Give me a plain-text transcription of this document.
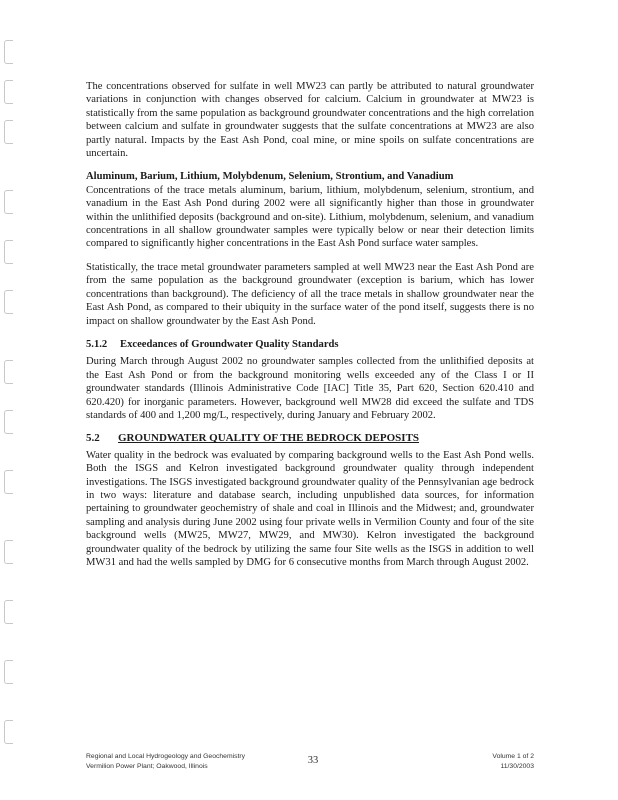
The concentrations observed for sulfate in well MW23 can partly be attributed to natural groundwater variations in conjunction with changes observed for calcium. Calcium in groundwater at MW23 is statistically from the same population as background groundwater concentrations and the high correlation between calcium and sulfate in groundwater suggests that the sulfate concentrations at MW23 are also partly natural. Impacts by the East Ash Pond, coal mine, or mine spoils on sulfate concentrations are uncertain.

Aluminum, Barium, Lithium, Molybdenum, Selenium, Strontium, and Vanadium

Concentrations of the trace metals aluminum, barium, lithium, molybdenum, selenium, strontium, and vanadium in the East Ash Pond during 2002 were all significantly higher than those in groundwater within the unlithified deposits (background and on-site). Lithium, molybdenum, selenium, and vanadium concentrations in all shallow groundwater samples were typically below or near their detection limits compared to significantly higher concentrations in the East Ash Pond surface water samples.

Statistically, the trace metal groundwater parameters sampled at well MW23 near the East Ash Pond are from the same population as the background groundwater (exception is barium, which has lower concentrations than background). The deficiency of all the trace metals in shallow groundwater near the East Ash Pond, as compared to their ubiquity in the surface water of the pond itself, suggests there is no impact on shallow groundwater by the East Ash Pond.

5.1.2 Exceedances of Groundwater Quality Standards

During March through August 2002 no groundwater samples collected from the unlithified deposits at the East Ash Pond or from the background monitoring wells exceeded any of the Class I or II groundwater standards (Illinois Administrative Code [IAC] Title 35, Part 620, Section 620.410 and 620.420) for inorganic parameters. However, background well MW28 did exceed the sulfate and TDS standards of 400 and 1,200 mg/L, respectively, during January and February 2002.

5.2 GROUNDWATER QUALITY OF THE BEDROCK DEPOSITS

Water quality in the bedrock was evaluated by comparing background wells to the East Ash Pond wells. Both the ISGS and Kelron investigated background groundwater quality through independent investigations. The ISGS investigated background groundwater quality of the Pennsylvanian age bedrock in two ways: literature and database search, including unpublished data sources, for information pertaining to groundwater geochemistry of shale and coal in Illinois and the Midwest; and, groundwater sampling and analysis during June 2002 using four private wells in Vermilion County and four of the site background wells (MW25, MW27, MW29, and MW30). Kelron investigated the background groundwater quality of the bedrock by utilizing the same four Site wells as the ISGS in addition to well MW31 and had the wells sampled by DMG for 6 consecutive months from March through August 2002.

Regional and Local Hydrogeology and Geochemistry
Vermilion Power Plant; Oakwood, Illinois
33	Volume 1 of 2
11/30/2003
